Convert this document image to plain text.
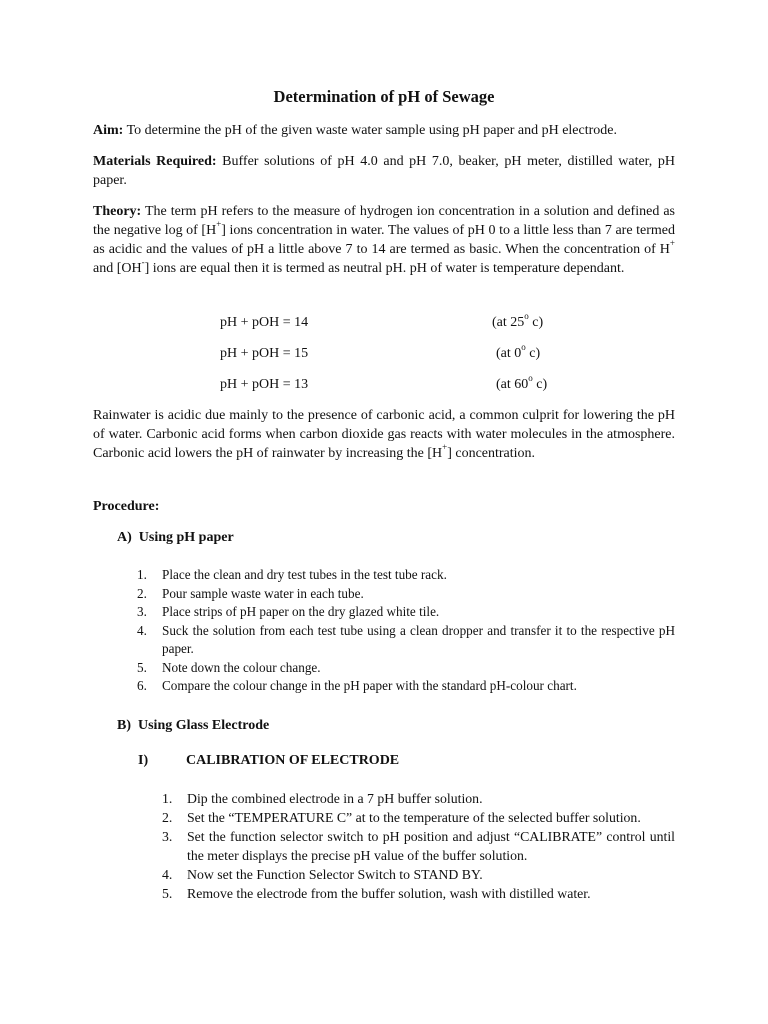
Determination of pH of Sewage
Aim: To determine the pH of the given waste water sample using pH paper and pH electrode.
Materials Required: Buffer solutions of pH 4.0 and pH 7.0, beaker, pH meter, distilled water, pH paper.
Theory: The term pH refers to the measure of hydrogen ion concentration in a solution and defined as the negative log of [H+] ions concentration in water. The values of pH 0 to a little less than 7 are termed as acidic and the values of pH a little above 7 to 14 are termed as basic. When the concentration of H+ and [OH-] ions are equal then it is termed as neutral pH. pH of water is temperature dependant.
pH + pOH = 14	(at 25$^o$ c)
pH + pOH = 15	(at 0$^o$ c)
pH + pOH = 13	(at 60$^o$ c)
Rainwater is acidic due mainly to the presence of carbonic acid, a common culprit for lowering the pH of water. Carbonic acid forms when carbon dioxide gas reacts with water molecules in the atmosphere. Carbonic acid lowers the pH of rainwater by increasing the [H+] concentration.
Procedure:
A)  Using pH paper
1. Place the clean and dry test tubes in the test tube rack.
2. Pour sample waste water in each tube.
3. Place strips of pH paper on the dry glazed white tile.
4. Suck the solution from each test tube using a clean dropper and transfer it to the respective pH paper.
5. Note down the colour change.
6. Compare the colour change in the pH paper with the standard pH-colour chart.
B)  Using Glass Electrode
I)	CALIBRATION OF ELECTRODE
1. Dip the combined electrode in a 7 pH buffer solution.
2. Set the “TEMPERATURE C” at to the temperature of the selected buffer solution.
3. Set the function selector switch to pH position and adjust “CALIBRATE” control until the meter displays the precise pH value of the buffer solution.
4. Now set the Function Selector Switch to STAND BY.
5. Remove the electrode from the buffer solution, wash with distilled water.
